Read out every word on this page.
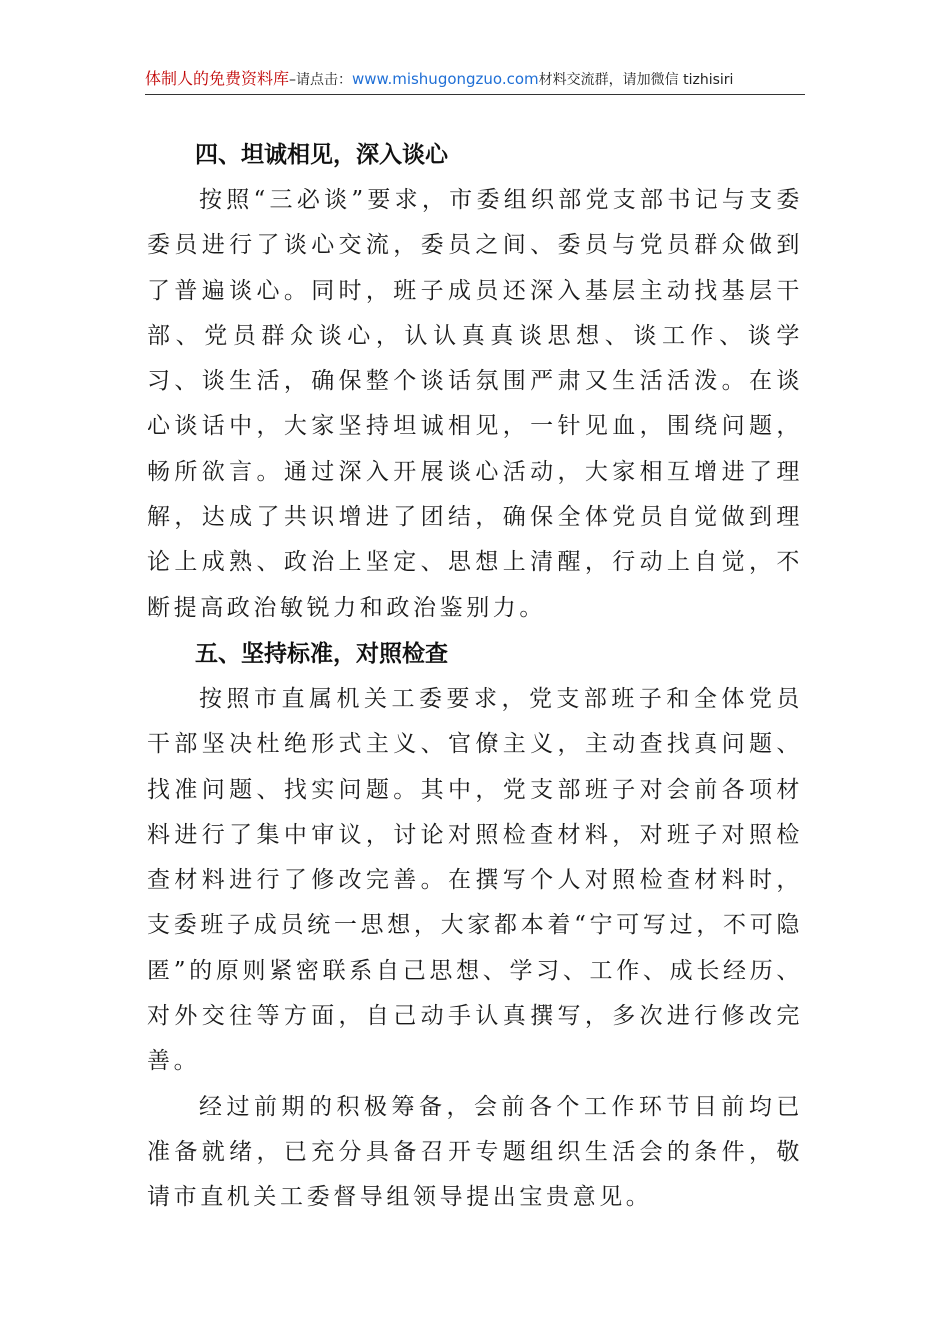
体制人的免费资料库–请点击：www.mishugongzuo.com材料交流群，请加微信 tizhisiri
四、坦诚相见，深入谈心

按照“三必谈”要求，市委组织部党支部书记与支委委员进行了谈心交流，委员之间、委员与党员群众做到了普遍谈心。同时，班子成员还深入基层主动找基层干部、党员群众谈心，认认真真谈思想、谈工作、谈学习、谈生活，确保整个谈话氛围严肃又生活活泼。在谈心谈话中，大家坚持坦诚相见，一针见血，围绕问题，畅所欲言。通过深入开展谈心活动，大家相互增进了理解，达成了共识增进了团结，确保全体党员自觉做到理论上成熟、政治上坚定、思想上清醒，行动上自觉，不断提高政治敏锐力和政治鉴别力。

五、坚持标准，对照检查

按照市直属机关工委要求，党支部班子和全体党员干部坚决杜绝形式主义、官僚主义，主动查找真问题、找准问题、找实问题。其中，党支部班子对会前各项材料进行了集中审议，讨论对照检查材料，对班子对照检查材料进行了修改完善。在撰写个人对照检查材料时，支委班子成员统一思想，大家都本着“宁可写过，不可隐匿”的原则紧密联系自己思想、学习、工作、成长经历、对外交往等方面，自己动手认真撰写，多次进行修改完善。

经过前期的积极筹备，会前各个工作环节目前均已准备就绪，已充分具备召开专题组织生活会的条件，敬请市直机关工委督导组领导提出宝贵意见。
